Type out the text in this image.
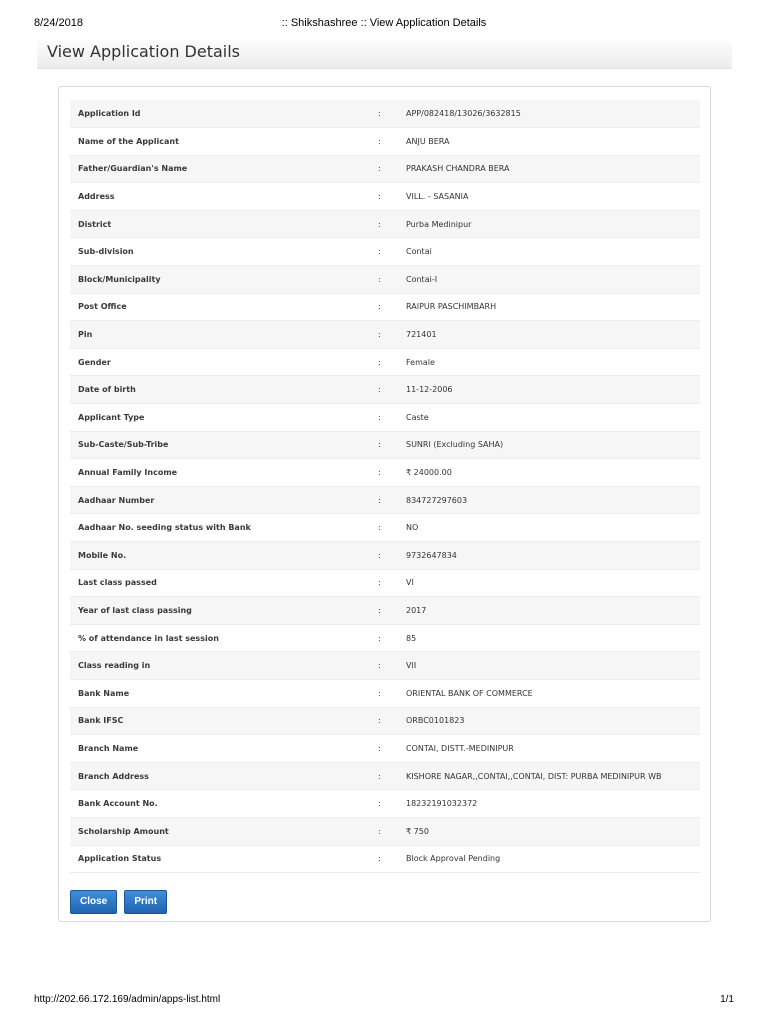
8/24/2018	:: Shikshashree :: View Application Details
View Application Details
Application Id	:	APP/082418/13026/3632815
Name of the Applicant	:	ANJU BERA
Father/Guardian's Name	:	PRAKASH CHANDRA BERA
Address	:	VILL. - SASANIA
District	:	Purba Medinipur
Sub-division	:	Contai
Block/Municipality	:	Contai-I
Post Office	:	RAIPUR PASCHIMBARH
Pin	:	721401
Gender	:	Female
Date of birth	:	11-12-2006
Applicant Type	:	Caste
Sub-Caste/Sub-Tribe	:	SUNRI (Excluding SAHA)
Annual Family Income	:	₹ 24000.00
Aadhaar Number	:	834727297603
Aadhaar No. seeding status with Bank	:	NO
Mobile No.	:	9732647834
Last class passed	:	VI
Year of last class passing	:	2017
% of attendance in last session	:	85
Class reading in	:	VII
Bank Name	:	ORIENTAL BANK OF COMMERCE
Bank IFSC	:	ORBC0101823
Branch Name	:	CONTAI, DISTT.-MEDINIPUR
Branch Address	:	KISHORE NAGAR,,CONTAI,,CONTAI, DIST: PURBA MEDINIPUR WB
Bank Account No.	:	18232191032372
Scholarship Amount	:	₹ 750
Application Status	:	Block Approval Pending
Close	Print
http://202.66.172.169/admin/apps-list.html	1/1
